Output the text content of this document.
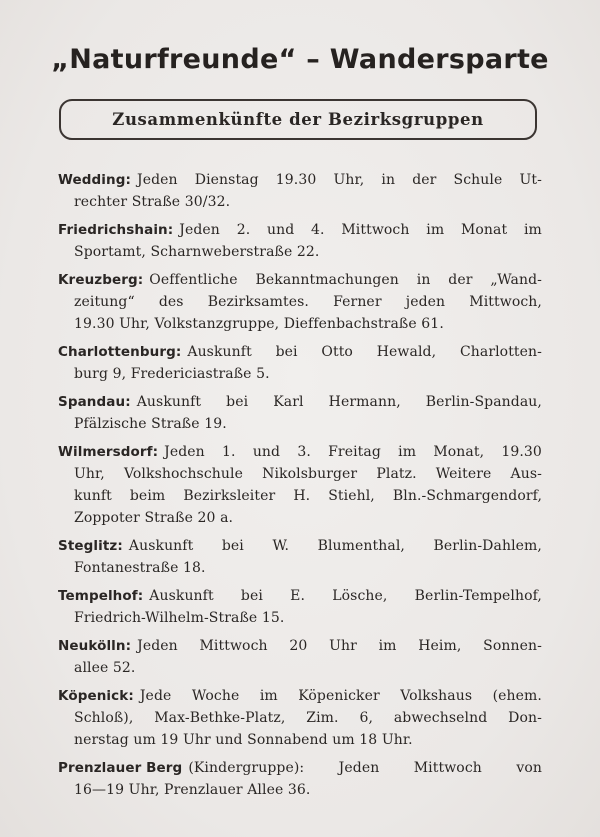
„Naturfreunde“ – Wandersparte
Zusammenkünfte der Bezirksgruppen
Wedding: Jeden Dienstag 19.30 Uhr, in der Schule Ut-
rechter Straße 30/32.
Friedrichshain: Jeden 2. und 4. Mittwoch im Monat im
Sportamt, Scharnweberstraße 22.
Kreuzberg: Oeffentliche Bekanntmachungen in der „Wand-
zeitung“ des Bezirksamtes. Ferner jeden Mittwoch,
19.30 Uhr, Volkstanzgruppe, Dieffenbachstraße 61.
Charlottenburg: Auskunft bei Otto Hewald, Charlotten-
burg 9, Fredericiastraße 5.
Spandau: Auskunft bei Karl Hermann, Berlin-Spandau,
Pfälzische Straße 19.
Wilmersdorf: Jeden 1. und 3. Freitag im Monat, 19.30
Uhr, Volkshochschule Nikolsburger Platz. Weitere Aus-
kunft beim Bezirksleiter H. Stiehl, Bln.-Schmargendorf,
Zoppoter Straße 20 a.
Steglitz: Auskunft bei W. Blumenthal, Berlin-Dahlem,
Fontanestraße 18.
Tempelhof: Auskunft bei E. Lösche, Berlin-Tempelhof,
Friedrich-Wilhelm-Straße 15.
Neukölln: Jeden Mittwoch 20 Uhr im Heim, Sonnen-
allee 52.
Köpenick: Jede Woche im Köpenicker Volkshaus (ehem.
Schloß), Max-Bethke-Platz, Zim. 6, abwechselnd Don-
nerstag um 19 Uhr und Sonnabend um 18 Uhr.
Prenzlauer Berg (Kindergruppe): Jeden Mittwoch von
16—19 Uhr, Prenzlauer Allee 36.
